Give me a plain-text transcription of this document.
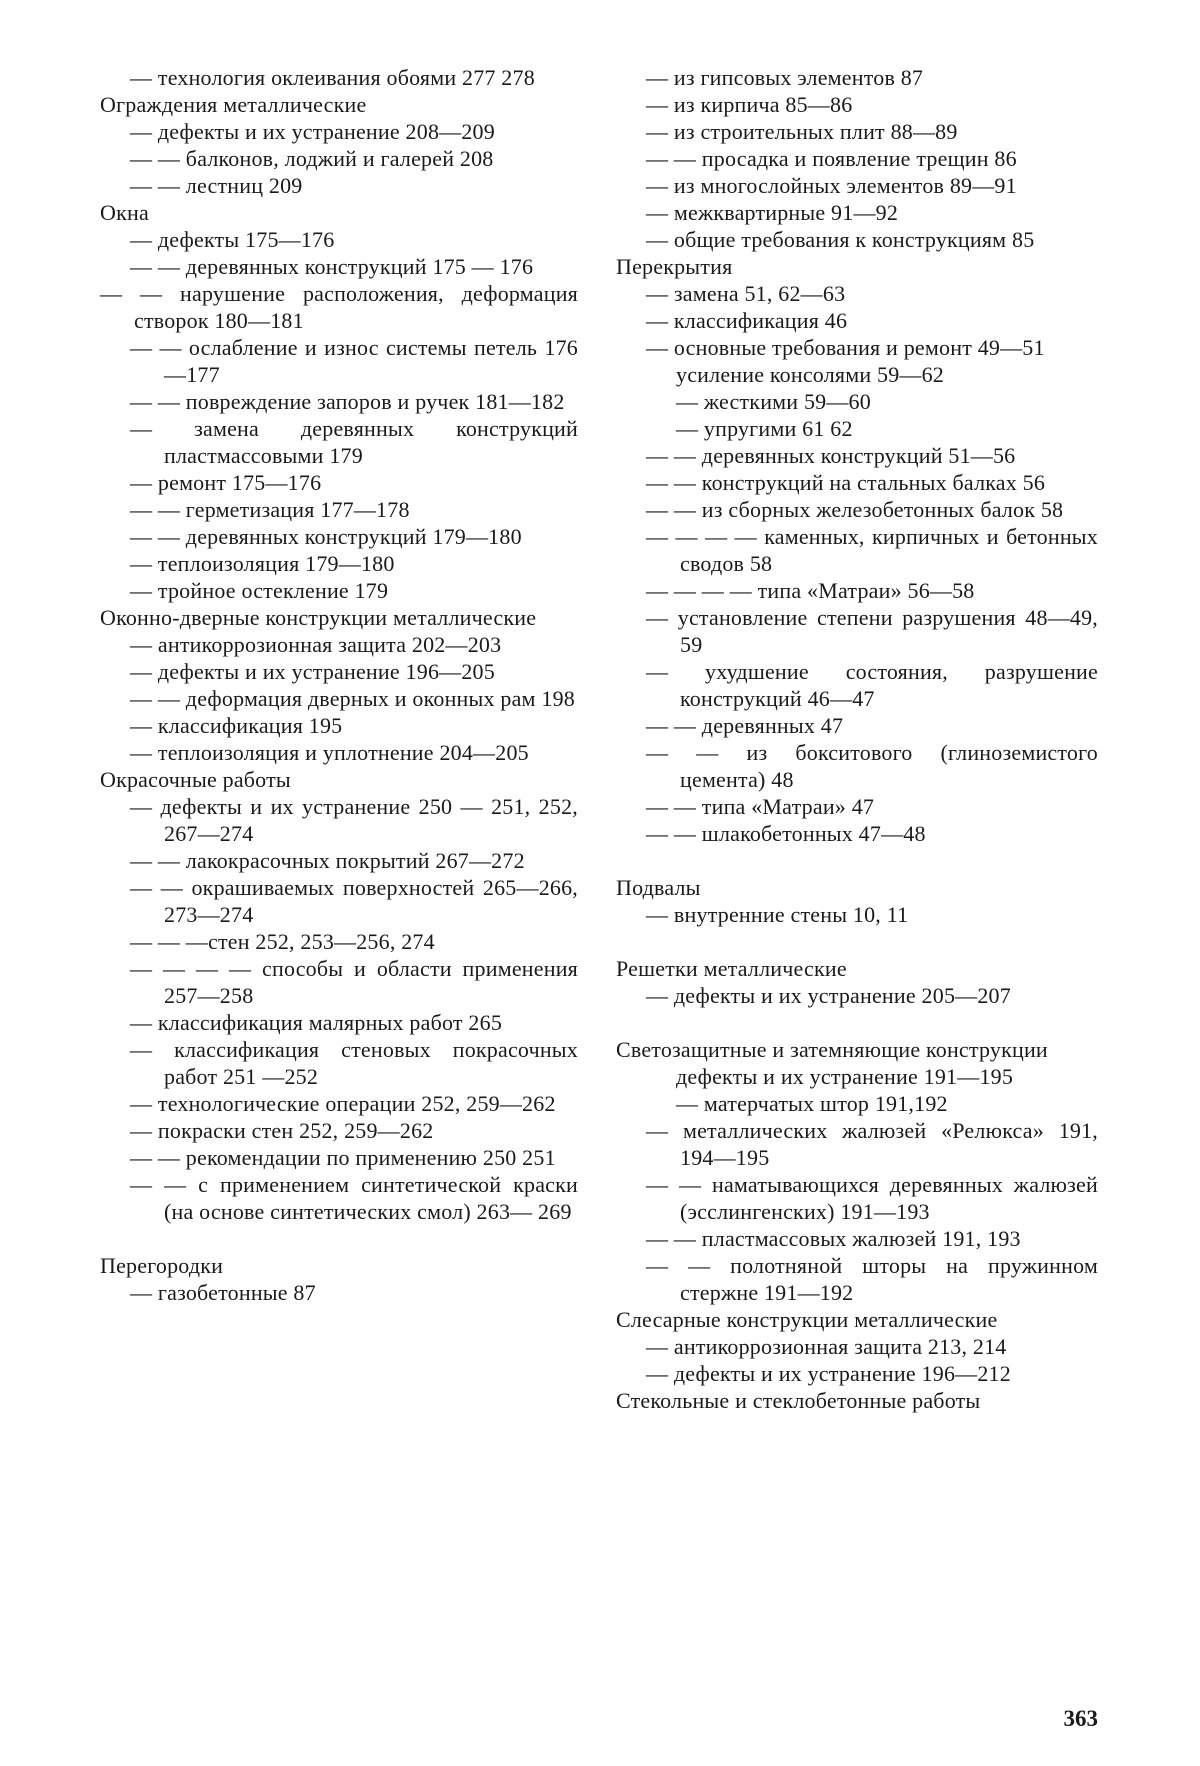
— технология оклеивания обоями 277 278
Ограждения металлические
— дефекты и их устранение 208—209
— — балконов, лоджий и галерей 208
— — лестниц 209
Окна
— дефекты 175—176
— — деревянных конструкций 175 — 176
— — нарушение расположения, деформация створок 180—181
— — ослабление и износ системы петель 176—177
— — повреждение запоров и ручек 181—182
— замена деревянных конструкций пластмассовыми 179
— ремонт 175—176
— — герметизация 177—178
— — деревянных конструкций 179—180
— теплоизоляция 179—180
— тройное остекление 179
Оконно-дверные конструкции металлические
— антикоррозионная защита 202—203
— дефекты и их устранение 196—205
— — деформация дверных и оконных рам 198
— классификация 195
— теплоизоляция и уплотнение 204—205
Окрасочные работы
— дефекты и их устранение 250 — 251, 252, 267—274
— — лакокрасочных покрытий 267—272
— — окрашиваемых поверхностей 265—266, 273—274
— — —стен 252, 253—256, 274
— — — — способы и области применения 257—258
— классификация малярных работ 265
— классификация стеновых покрасочных работ 251 —252
— технологические операции 252, 259—262
— покраски стен 252, 259—262
— — рекомендации по применению 250 251
— — с применением синтетической краски (на основе синтетических смол) 263— 269
Перегородки
— газобетонные 87
— из гипсовых элементов 87
— из кирпича 85—86
— из строительных плит 88—89
— — просадка и появление трещин 86
— из многослойных элементов 89—91
— межквартирные 91—92
— общие требования к конструкциям 85
Перекрытия
— замена 51, 62—63
— классификация 46
— основные требования и ремонт 49—51
усиление консолями 59—62
— жесткими 59—60
— упругими 61 62
— — деревянных конструкций 51—56
— — конструкций на стальных балках 56
— — из сборных железобетонных балок 58
— — — — каменных, кирпичных и бетонных сводов 58
— — — — типа «Матраи» 56—58
— установление степени разрушения 48—49, 59
— ухудшение состояния, разрушение конструкций 46—47
— — деревянных 47
— — из бокситового (глиноземистого цемента) 48
— — типа «Матраи» 47
— — шлакобетонных 47—48
Подвалы
— внутренние стены 10, 11
Решетки металлические
— дефекты и их устранение 205—207
Светозащитные и затемняющие конструкции
дефекты и их устранение 191—195
— матерчатых штор 191,192
— металлических жалюзей «Релюкса» 191, 194—195
— — наматывающихся деревянных жалюзей (эсслингенских) 191—193
— — пластмассовых жалюзей 191, 193
— — полотняной шторы на пружинном стержне 191—192
Слесарные конструкции металлические
— антикоррозионная защита 213, 214
— дефекты и их устранение 196—212
Стекольные и стеклобетонные работы
363
